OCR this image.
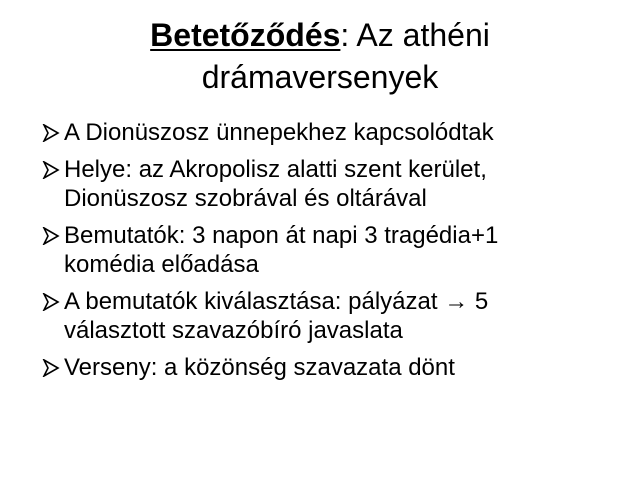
Betetőződés: Az athéni
drámaversenyek
A Dionüszosz ünnepekhez kapcsolódtak
Helye: az Akropolisz alatti szent kerület,
Dionüszosz szobrával és oltárával
Bemutatók: 3 napon át napi 3 tragédia+1
komédia előadása
A bemutatók kiválasztása: pályázat → 5
választott szavazóbíró javaslata
Verseny: a közönség szavazata dönt
